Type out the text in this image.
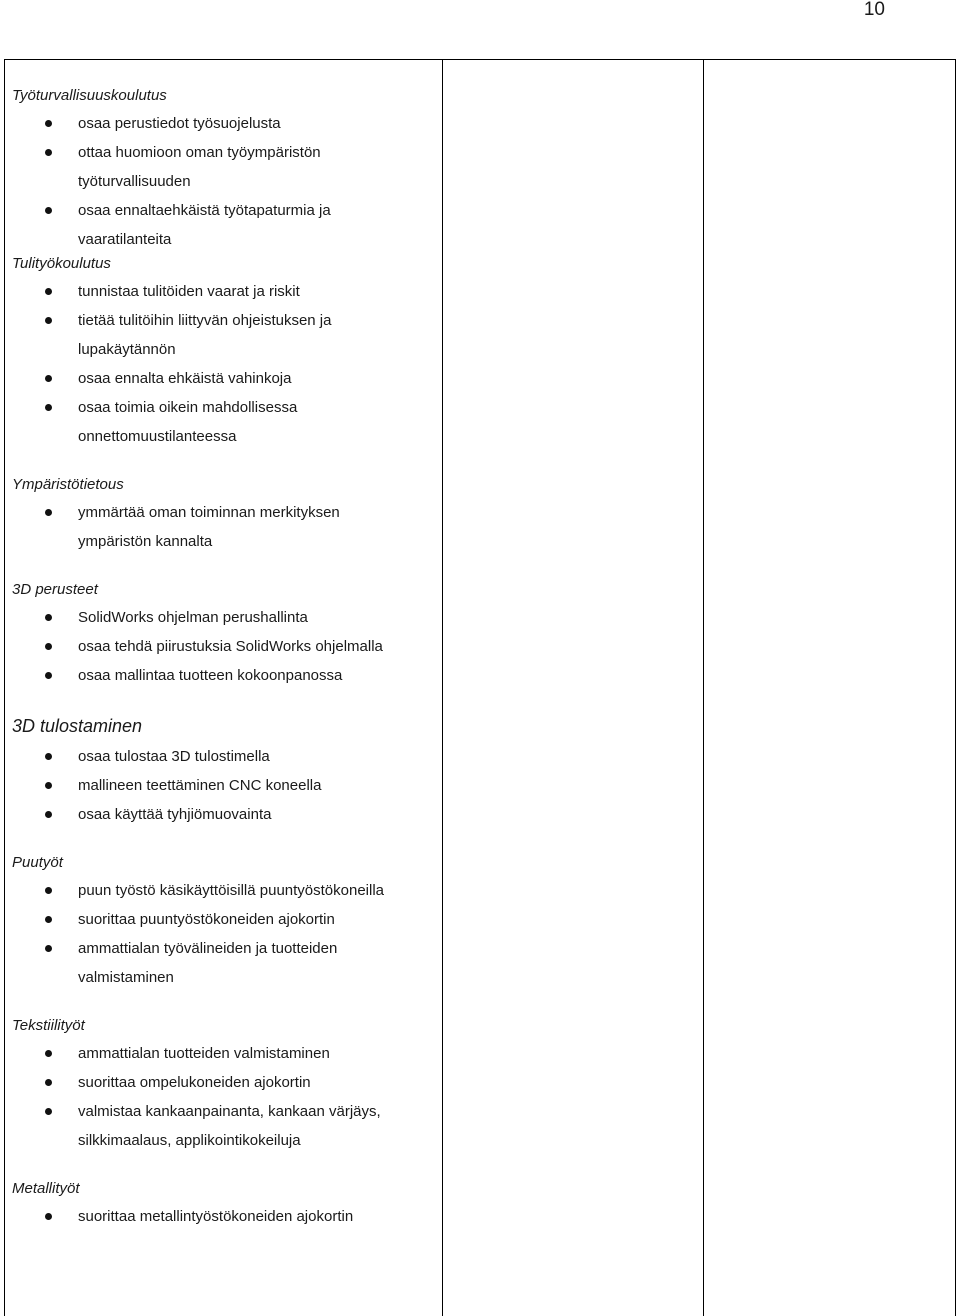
10
Työturvallisuuskoulutus
osaa perustiedot työsuojelusta
ottaa huomioon oman työympäristön
työturvallisuuden
osaa ennaltaehkäistä työtapaturmia ja
vaaratilanteita
Tulityökoulutus
tunnistaa tulitöiden vaarat ja riskit
tietää tulitöihin liittyvän ohjeistuksen ja
lupakäytännön
osaa ennalta ehkäistä vahinkoja
osaa toimia oikein mahdollisessa
onnettomuustilanteessa
Ympäristötietous
ymmärtää oman toiminnan merkityksen
ympäristön kannalta
3D perusteet
SolidWorks ohjelman perushallinta
osaa tehdä piirustuksia SolidWorks ohjelmalla
osaa mallintaa tuotteen kokoonpanossa
3D tulostaminen
osaa tulostaa 3D tulostimella
mallineen teettäminen CNC koneella
osaa käyttää tyhjiömuovainta
Puutyöt
puun työstö käsikäyttöisillä puuntyöstökoneilla
suorittaa puuntyöstökoneiden ajokortin
ammattialan työvälineiden ja tuotteiden
valmistaminen
Tekstiilityöt
ammattialan tuotteiden valmistaminen
suorittaa ompelukoneiden ajokortin
valmistaa kankaanpainanta, kankaan värjäys,
silkkimaalaus, applikointikokeiluja
Metallityöt
suorittaa metallintyöstökoneiden ajokortin
